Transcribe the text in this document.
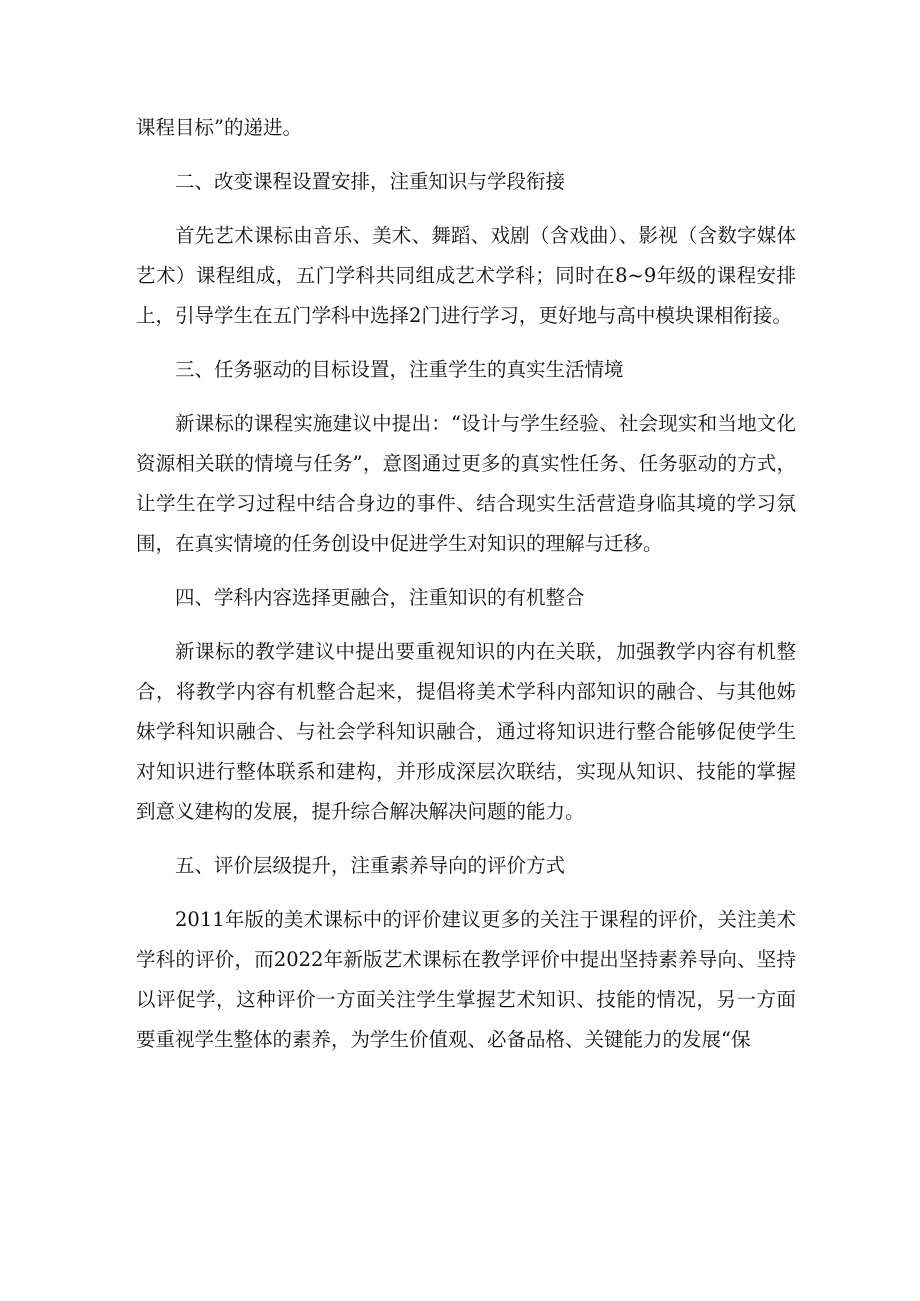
课程目标”的递进。

二、改变课程设置安排，注重知识与学段衔接

首先艺术课标由音乐、美术、舞蹈、戏剧（含戏曲）、影视（含数字媒体艺术）课程组成，五门学科共同组成艺术学科；同时在8~9年级的课程安排上，引导学生在五门学科中选择2门进行学习，更好地与高中模块课相衔接。

三、任务驱动的目标设置，注重学生的真实生活情境

新课标的课程实施建议中提出：“设计与学生经验、社会现实和当地文化资源相关联的情境与任务”，意图通过更多的真实性任务、任务驱动的方式，让学生在学习过程中结合身边的事件、结合现实生活营造身临其境的学习氛围，在真实情境的任务创设中促进学生对知识的理解与迁移。

四、学科内容选择更融合，注重知识的有机整合

新课标的教学建议中提出要重视知识的内在关联，加强教学内容有机整合，将教学内容有机整合起来，提倡将美术学科内部知识的融合、与其他姊妹学科知识融合、与社会学科知识融合，通过将知识进行整合能够促使学生对知识进行整体联系和建构，并形成深层次联结，实现从知识、技能的掌握到意义建构的发展，提升综合解决解决问题的能力。

五、评价层级提升，注重素养导向的评价方式

2011年版的美术课标中的评价建议更多的关注于课程的评价，关注美术学科的评价，而2022年新版艺术课标在教学评价中提出坚持素养导向、坚持以评促学，这种评价一方面关注学生掌握艺术知识、技能的情况，另一方面要重视学生整体的素养，为学生价值观、必备品格、关键能力的发展“保
